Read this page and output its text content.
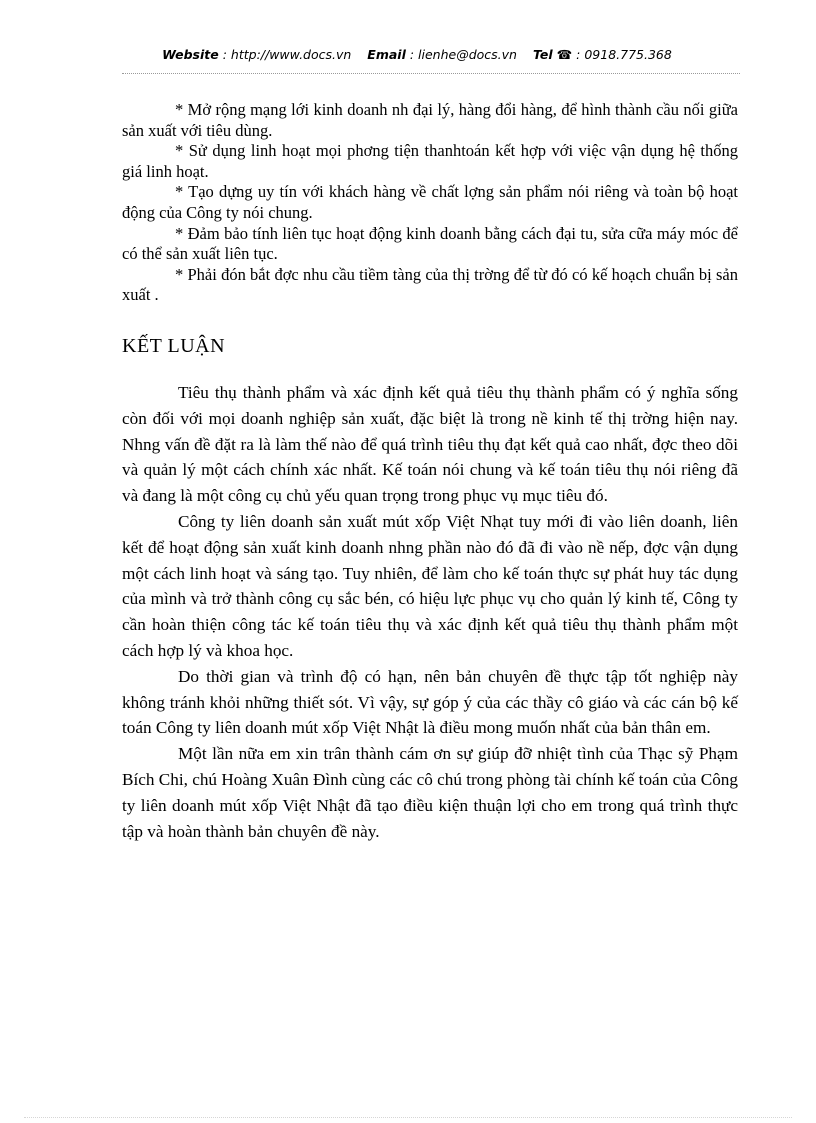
Website : http://www.docs.vn Email : lienhe@docs.vn Tel ☎ : 0918.775.368

* Mở rộng mạng lới kinh doanh nh đại lý, hàng đổi hàng, để hình thành cầu nối giữa sản xuất với tiêu dùng.

* Sử dụng linh hoạt mọi phơng tiện thanhtoán kết hợp với việc vận dụng hệ thống giá linh hoạt.

* Tạo dựng uy tín với khách hàng về chất lợng sản phẩm nói riêng và toàn bộ hoạt động của Công ty nói chung.

* Đảm bảo tính liên tục hoạt động kinh doanh bằng cách đại tu, sửa cữa máy móc để có thể sản xuất liên tục.

* Phải đón bắt đợc nhu cầu tiềm tàng của thị trờng để từ đó có kế hoạch chuẩn bị sản xuất .

KẾT LUẬN

Tiêu thụ thành phẩm và xác định kết quả tiêu thụ thành phẩm có ý nghĩa sống còn đối với mọi doanh nghiệp sản xuất, đặc biệt là trong nề kinh tế thị trờng hiện nay. Nhng vấn đề đặt ra là làm thế nào để quá trình tiêu thụ đạt kết quả cao nhất, đợc theo dõi và quản lý một cách chính xác nhất. Kế toán nói chung và kế toán tiêu thụ nói riêng đã và đang là một công cụ chủ yếu quan trọng trong phục vụ mục tiêu đó.

Công ty liên doanh sản xuất mút xốp Việt Nhạt tuy mới đi vào liên doanh, liên kết để hoạt động sản xuất kinh doanh nhng phần nào đó đã đi vào nề nếp, đợc vận dụng một cách linh hoạt và sáng tạo. Tuy nhiên, để làm cho kế toán thực sự phát huy tác dụng của mình và trở thành công cụ sắc bén, có hiệu lực phục vụ cho quản lý kinh tế, Công ty cần hoàn thiện công tác kế toán tiêu thụ và xác định kết quả tiêu thụ thành phẩm một cách hợp lý và khoa học.

Do thời gian và trình độ có hạn, nên bản chuyên đề thực tập tốt nghiệp này không tránh khỏi những thiết sót. Vì vậy, sự góp ý của các thầy cô giáo và các cán bộ kế toán Công ty liên doanh mút xốp Việt Nhật là điều mong muốn nhất của bản thân em.

Một lần nữa em xin trân thành cám ơn sự giúp đỡ nhiệt tình của Thạc sỹ Phạm Bích Chi, chú Hoàng Xuân Đình cùng các cô chú trong phòng tài chính kế toán của Công ty liên doanh mút xốp Việt Nhật đã tạo điều kiện thuận lợi cho em trong quá trình thực tập và hoàn thành bản chuyên đề này.
